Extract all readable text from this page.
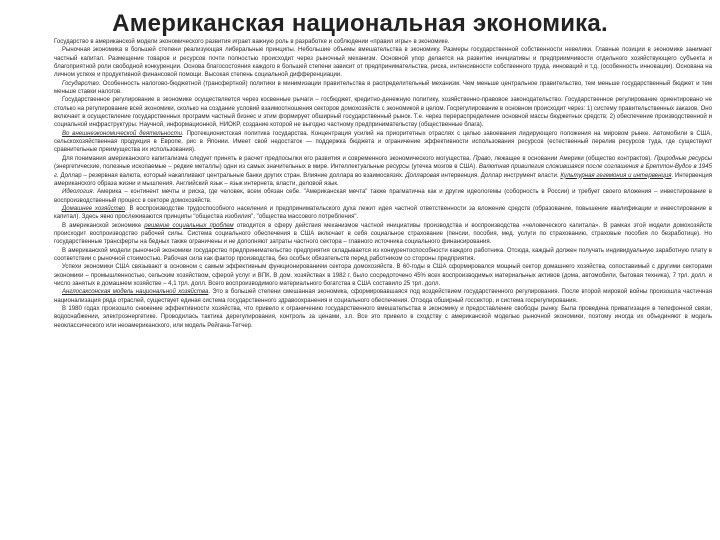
Американская национальная экономика.

Государство в американской модели экономического развития играет важную роль в разработке и соблюдении «правил игры» в экономике.

Рыночная экономика в большей степени реализующая либеральные принципы. Небольшие объемы вмешательства в экономику. Размеры государственной собственности невелики. Главные позиции в экономике занимает частный капитал. Размещение товаров и ресурсов почти полностью происходит через рыночный механизм. Основной упор делается на развитие инициативы и предприимчивости отдельного хозяйствующего субъекта и благоприятной роли свободной конкуренции. Основа благосостояния каждого в большей степени зависит от предпринимательства, риска, интенсивности собственного труда, инноваций и т.д. (особенность инновации). Основана на личном успехе и продуктивной финансовой помощи. Высокая степень социальной дифференциации.

Государство. Особенность налогово-бюджетной (трансфертной) политики в минимизации правительства в распределительный механизм. Чем меньше центральное правительство, тем меньше государственный бюджет и тем меньше ставки налогов.

Государственное регулирование в экономике осуществляется через косвенные рычаги – госбюджет, кредитно-денежную политику, хозяйственно-правовое законодательство. Государственное регулирование ориентировано не столько на регулирование всей экономики, сколько на создание условий взаимоотношения секторов домохозяйств с экономикой в целом. Госрегулирование в основном происходит через: 1) систему правительственных заказов. Оно включает в осуществление государственных программ частный бизнес и этим формирует обширный государственный рынок. Т.е. через перераспределение основной массы бюджетных средств; 2) обеспечение производственной и социальной инфраструктуры. Научной, информационной, НИОКР, создание которой не выгодно частному предпринимательству (общественные блага).

Во внешнеэкономической деятельности. Протекционистская политика государства. Концентрация усилий на приоритетных отраслях с целью завоевания лидирующего положения на мировом рынке. Автомобили в США, сельскохозяйственная продукция в Европе, рис в Японии. Имеет свой недостаток — поддержка бюджета и ограничение эффективности использования ресурсов (естественный перелив ресурсов туда, где существуют сравнительные преимущества их использования).

Для понимания американского капитализма следует принять в расчет предпосылки его развития и современного экономического могущества. Право, лежащее в основании Америки (общество контрактов). Природные ресурсы (энергетические, полезные ископаемые – редкие металлы) одни из самых значительных в мире. Интеллектуальные ресурсы (утечка мозгов в США). Валютная привилегия сложившаяся после соглашения в Бреттон-Вудсе в 1945 г. Доллар – резервная валюта, который накапливают центральные банки других стран. Влияние доллара во взаимосвязях. Долларовая интервенция. Доллар инструмент власти. Культурная гегемония и интервенция. Интервенция американского образа жизни и мышления. Английский язык – язык интернета, власти, деловой язык.

Идеология. Америка – континент мечты и риска, где человек, всем обязан себе. "Американская мечта" также прагматична как и другие идеологемы (соборность в России) и требует своего вложения – инвестирование в воспроизводственный процесс в секторе домохозяйств.

Домашнее хозяйство. В воспроизводстве трудоспособного населения и предпринимательского духа лежит идея частной ответственности за вложение средств (образование, повышение квалификации и инвестирование в капитал). Здесь явно прослеживаются принципы "общества изобилия", "общества массового потребления".

В американской экономике решение социальных проблем отводится в сферу действия механизмов частной инициативы производства и воспроизводства «человеческого капитала». В рамках этой модели домохозяйств происходит воспроизводство рабочей силы. Система социального обеспечения в США включает в себя социальное страхование (пенсии, пособия, мед. услуги по страхованию, страховые пособия по безработице). Но государственные трансферты на бедных также ограничены и не дополняют затраты частного сектора – главного источника социального финансирования.

В американской модели рыночной экономики государство предпринимательство предприятия складывается из конкурентоспособности каждого работника. Отсюда, каждый должен получать индивидуальную заработную плату в соответствии с рыночной стоимостью. Рабочая сила как фактор производства, без особых обязательств перед работником со стороны предприятия.

Успехи экономики США связывают в основном с самым эффективным функционированием сектора домохозяйств. В 60-годы в США сформировался мощный сектор домашнего хозяйства, сопоставимый с другими секторами экономики – промышленностью, сельским хозяйством, сферой услуг и ВПК. В дом. хозяйствах в 1982 г. было сосредоточено 45% всех воспроизводимых материальных активов (дома, автомобили, бытовая техника), 7 трл. долл. и число занятых в домашнем хозяйстве – 4,1 трл. долл. Всего воспроизводимого материального богатства в США составило 25 трл. долл.

Англосаксонская модель национальной хозяйства. Это в большей степени смешанная экономика, сформировавшаяся под воздействием государственного регулирования. После второй мировой войны произошла частичная национализация ряда отраслей, существует единая система государственного здравоохранения и социального обеспечения. Отсюда обширный госсектор, и система госрегулирования.

В 1980 годах произошло снижение эффективности хозяйства, что привело к ограничению государственного вмешательства в экономику и предоставление свободы рынку. Была проведена приватизация в телефонной связи, водоснабжении, электроэнергетике. Проводилась тактика дерегулирования, контроль за ценами, з.п. Все это привело в сходству с американской моделью рыночной экономики, поэтому иногда их объединяют в модель неоклассического или неоамериканского, или модель Рейгана-Тетчер.
